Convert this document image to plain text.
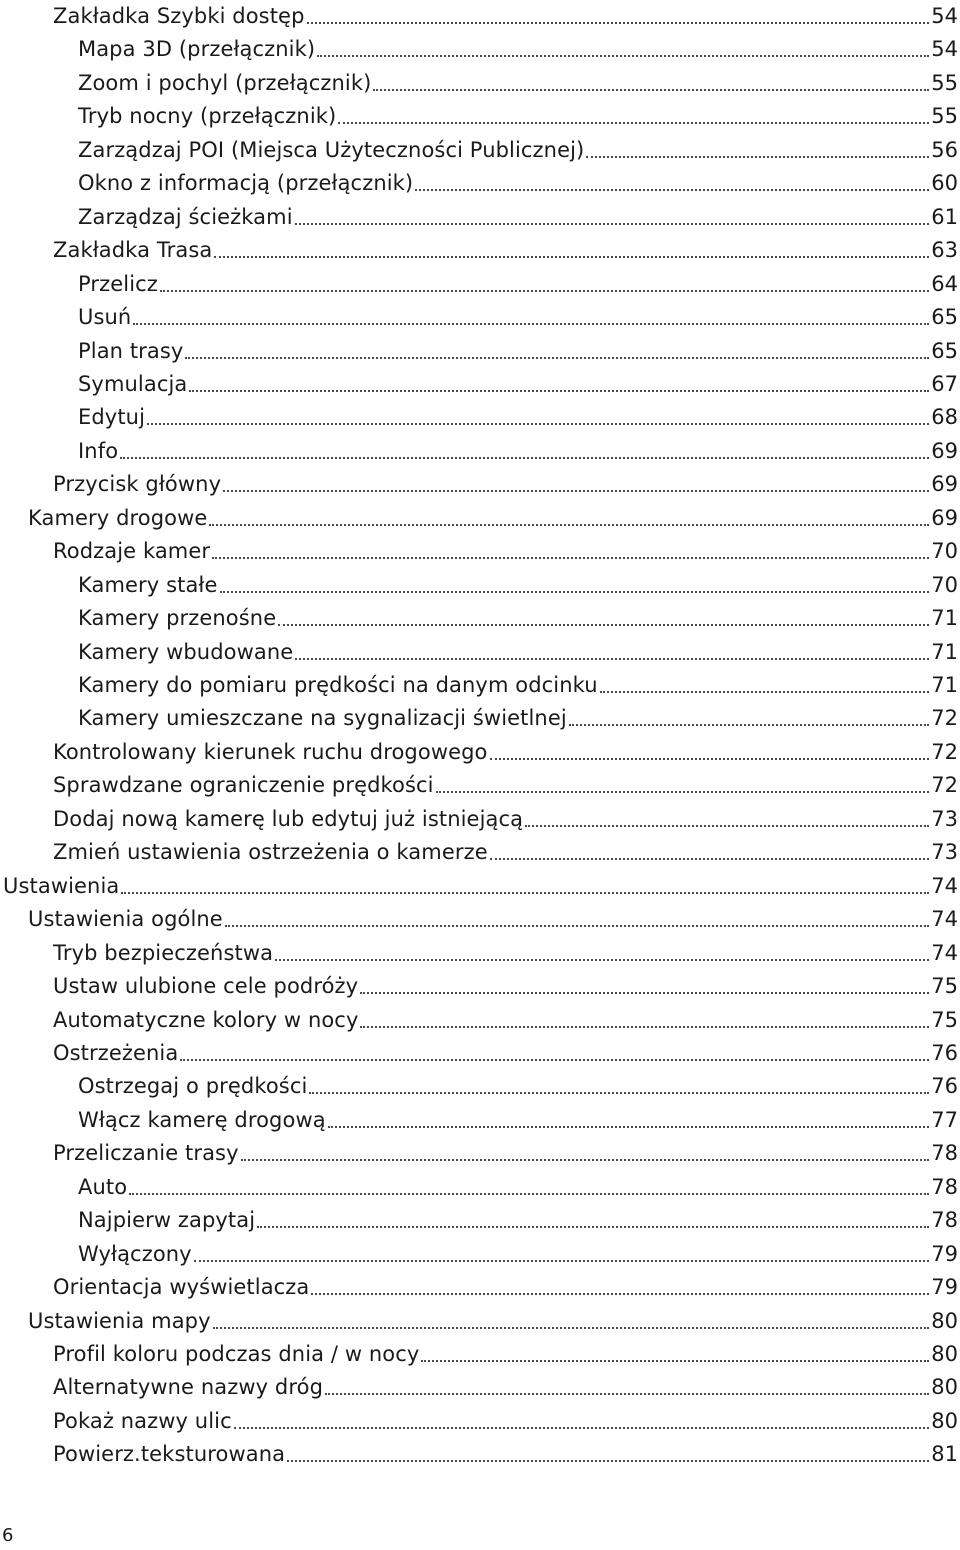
Zakładka Szybki dostęp	54
Mapa 3D (przełącznik)	54
Zoom i pochyl (przełącznik)	55
Tryb nocny (przełącznik)	55
Zarządzaj POI (Miejsca Użyteczności Publicznej)	56
Okno z informacją (przełącznik)	60
Zarządzaj ścieżkami	61
Zakładka Trasa	63
Przelicz	64
Usuń	65
Plan trasy	65
Symulacja	67
Edytuj	68
Info	69
Przycisk główny	69
Kamery drogowe	69
Rodzaje kamer	70
Kamery stałe	70
Kamery przenośne	71
Kamery wbudowane	71
Kamery do pomiaru prędkości na danym odcinku	71
Kamery umieszczane na sygnalizacji świetlnej	72
Kontrolowany kierunek ruchu drogowego	72
Sprawdzane ograniczenie prędkości	72
Dodaj nową kamerę lub edytuj już istniejącą	73
Zmień ustawienia ostrzeżenia o kamerze	73
Ustawienia	74
Ustawienia ogólne	74
Tryb bezpieczeństwa	74
Ustaw ulubione cele podróży	75
Automatyczne kolory w nocy	75
Ostrzeżenia	76
Ostrzegaj o prędkości	76
Włącz kamerę drogową	77
Przeliczanie trasy	78
Auto	78
Najpierw zapytaj	78
Wyłączony	79
Orientacja wyświetlacza	79
Ustawienia mapy	80
Profil koloru podczas dnia / w nocy	80
Alternatywne nazwy dróg	80
Pokaż nazwy ulic	80
Powierz.teksturowana	81
6
